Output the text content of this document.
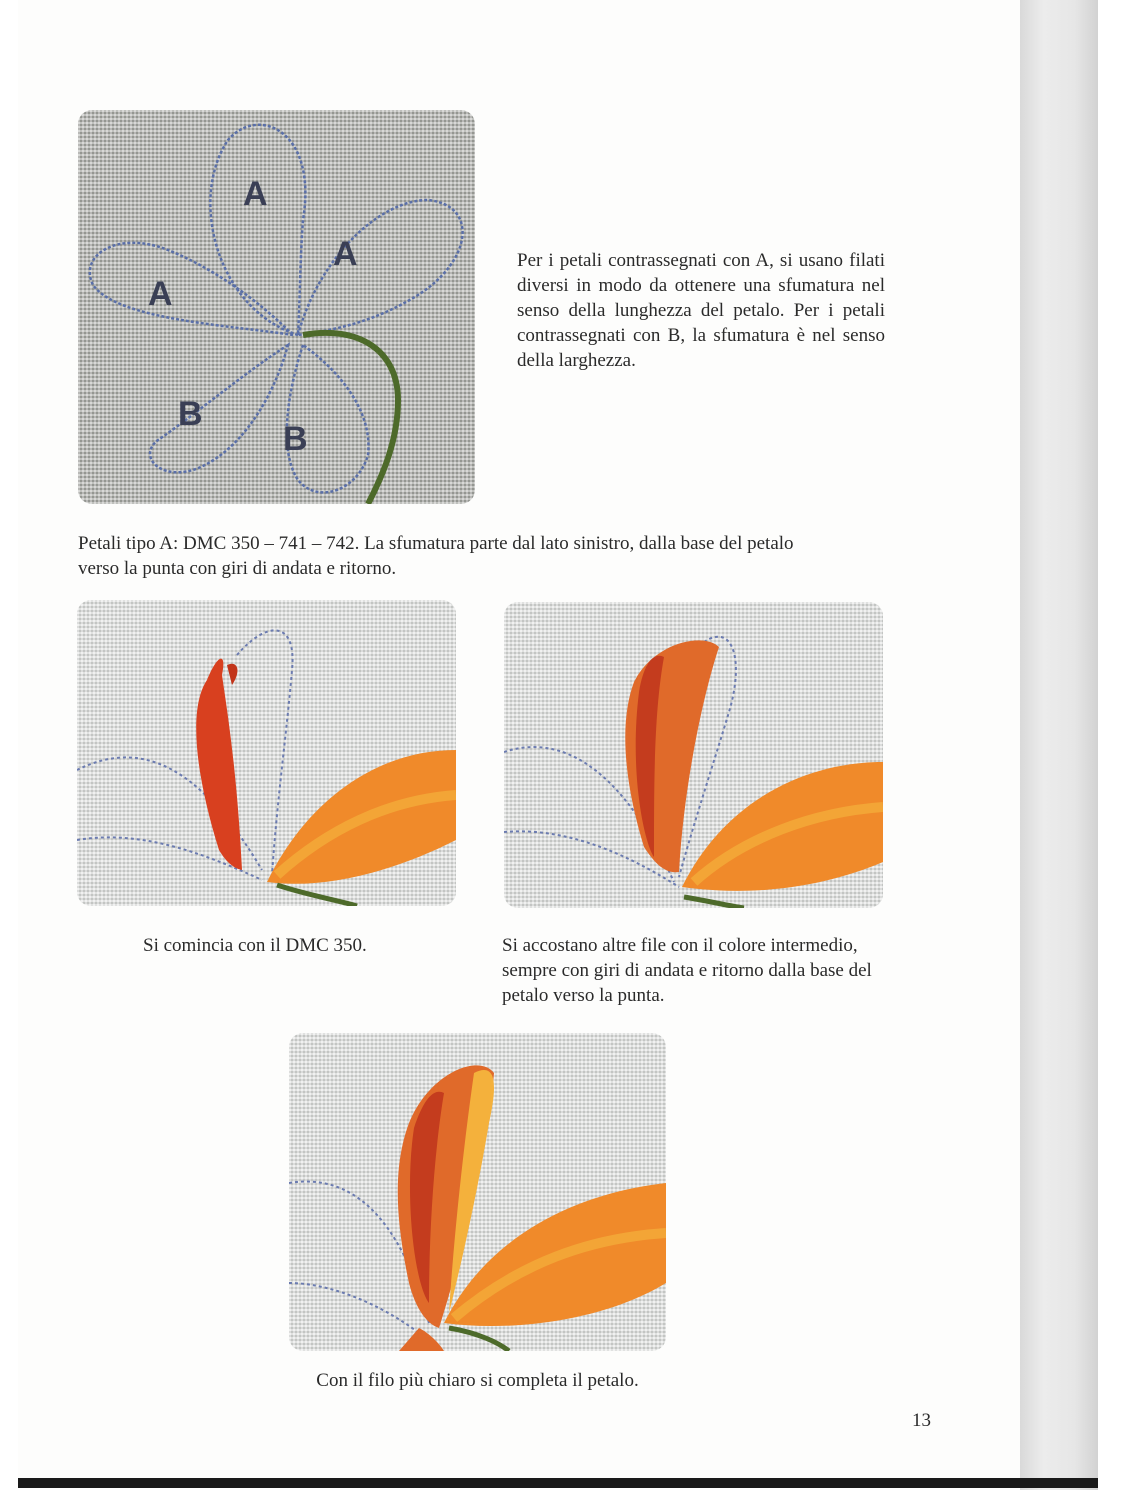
A
A
A
B
B
Per i petali contrassegnati con A, si usano filati diversi in modo da ottenere una sfumatura nel senso della lunghezza del petalo. Per i petali contrassegnati con B, la sfumatura è nel senso della larghezza.
Petali tipo A: DMC 350 – 741 – 742. La sfumatura parte dal lato sinistro, dalla base del petalo
verso la punta con giri di andata e ritorno.
Si comincia con il DMC 350.	Si accostano altre file con il colore intermedio, sempre con giri di andata e ritorno dalla base del petalo verso la punta.
Con il filo più chiaro si completa il petalo.
13
